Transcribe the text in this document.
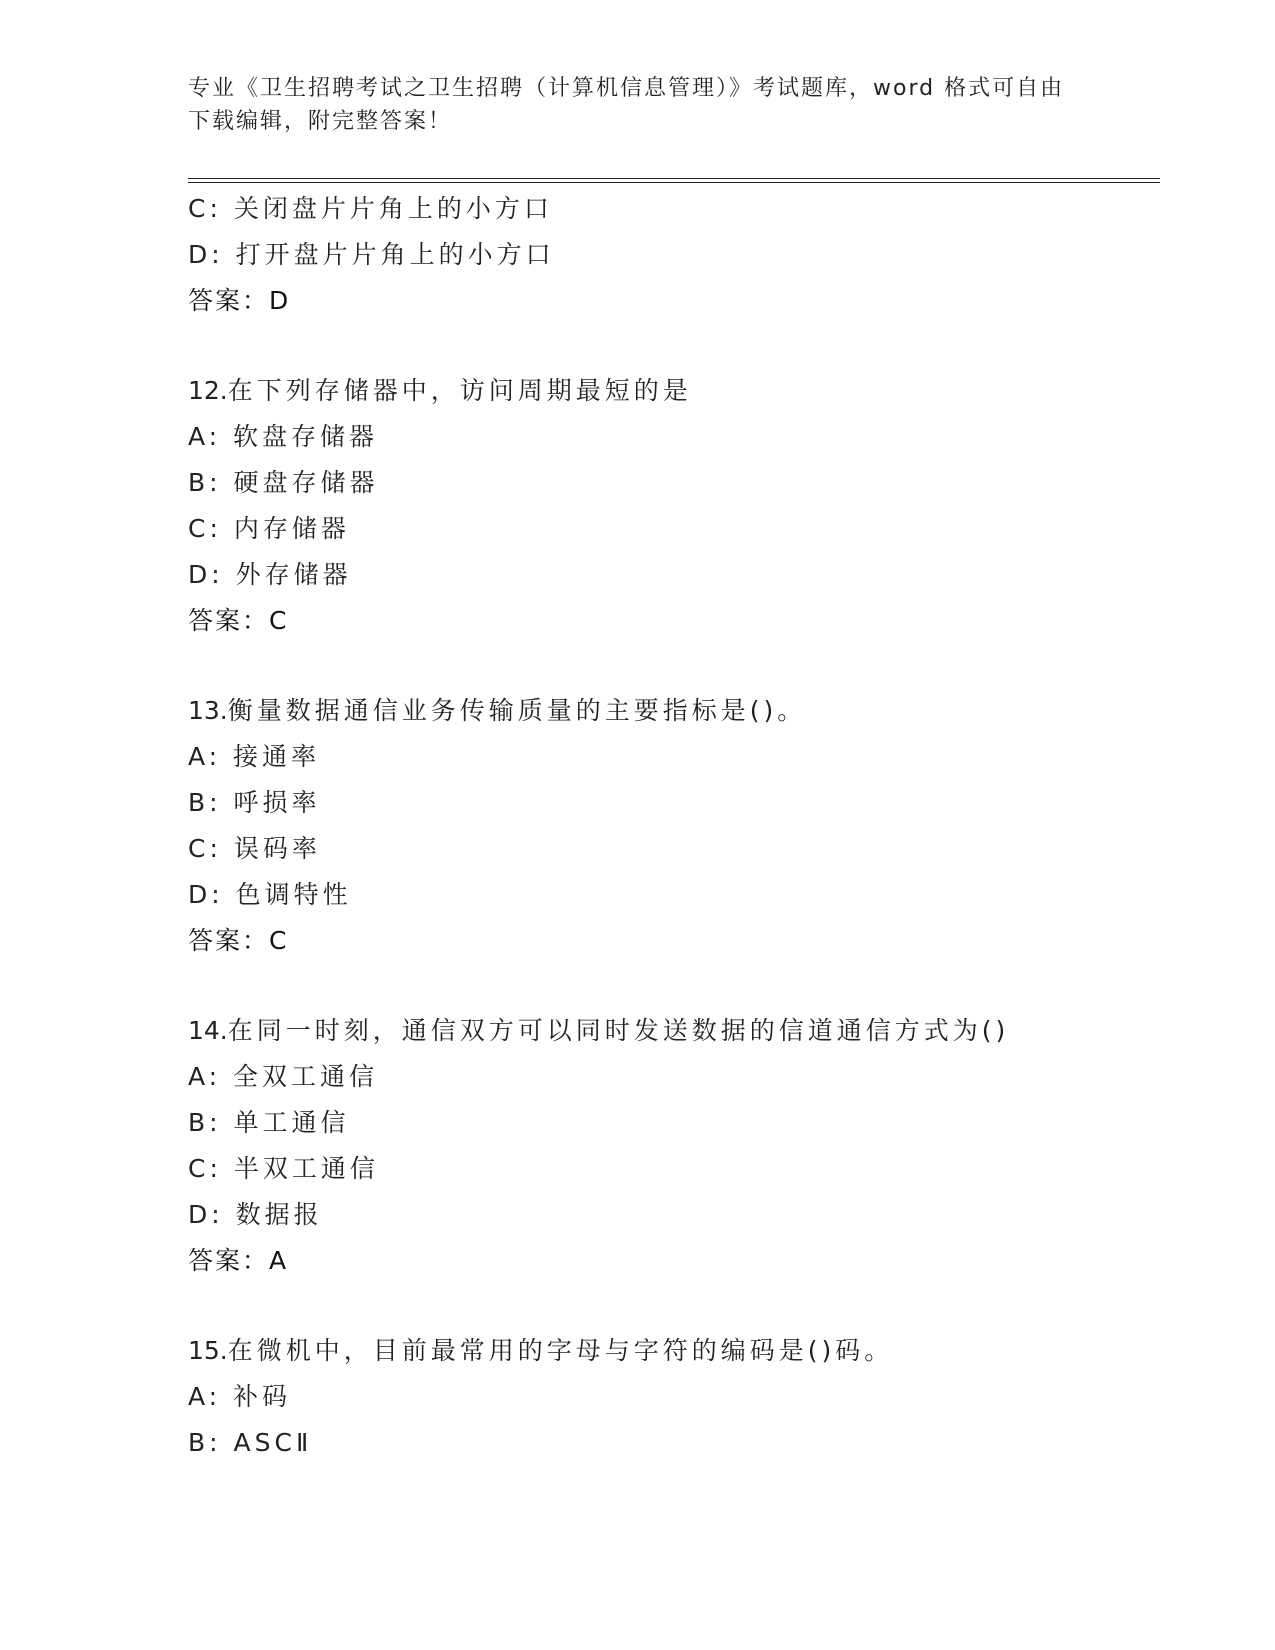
专业《卫生招聘考试之卫生招聘（计算机信息管理）》考试题库，word 格式可自由下载编辑，附完整答案！
C: 关闭盘片片角上的小方口
D: 打开盘片片角上的小方口
答案：D
12.在下列存储器中，访问周期最短的是
A: 软盘存储器
B: 硬盘存储器
C: 内存储器
D: 外存储器
答案：C
13.衡量数据通信业务传输质量的主要指标是()。
A: 接通率
B: 呼损率
C: 误码率
D: 色调特性
答案：C
14.在同一时刻，通信双方可以同时发送数据的信道通信方式为()
A: 全双工通信
B: 单工通信
C: 半双工通信
D: 数据报
答案：A
15.在微机中，目前最常用的字母与字符的编码是()码。
A: 补码
B: ASCⅡ
